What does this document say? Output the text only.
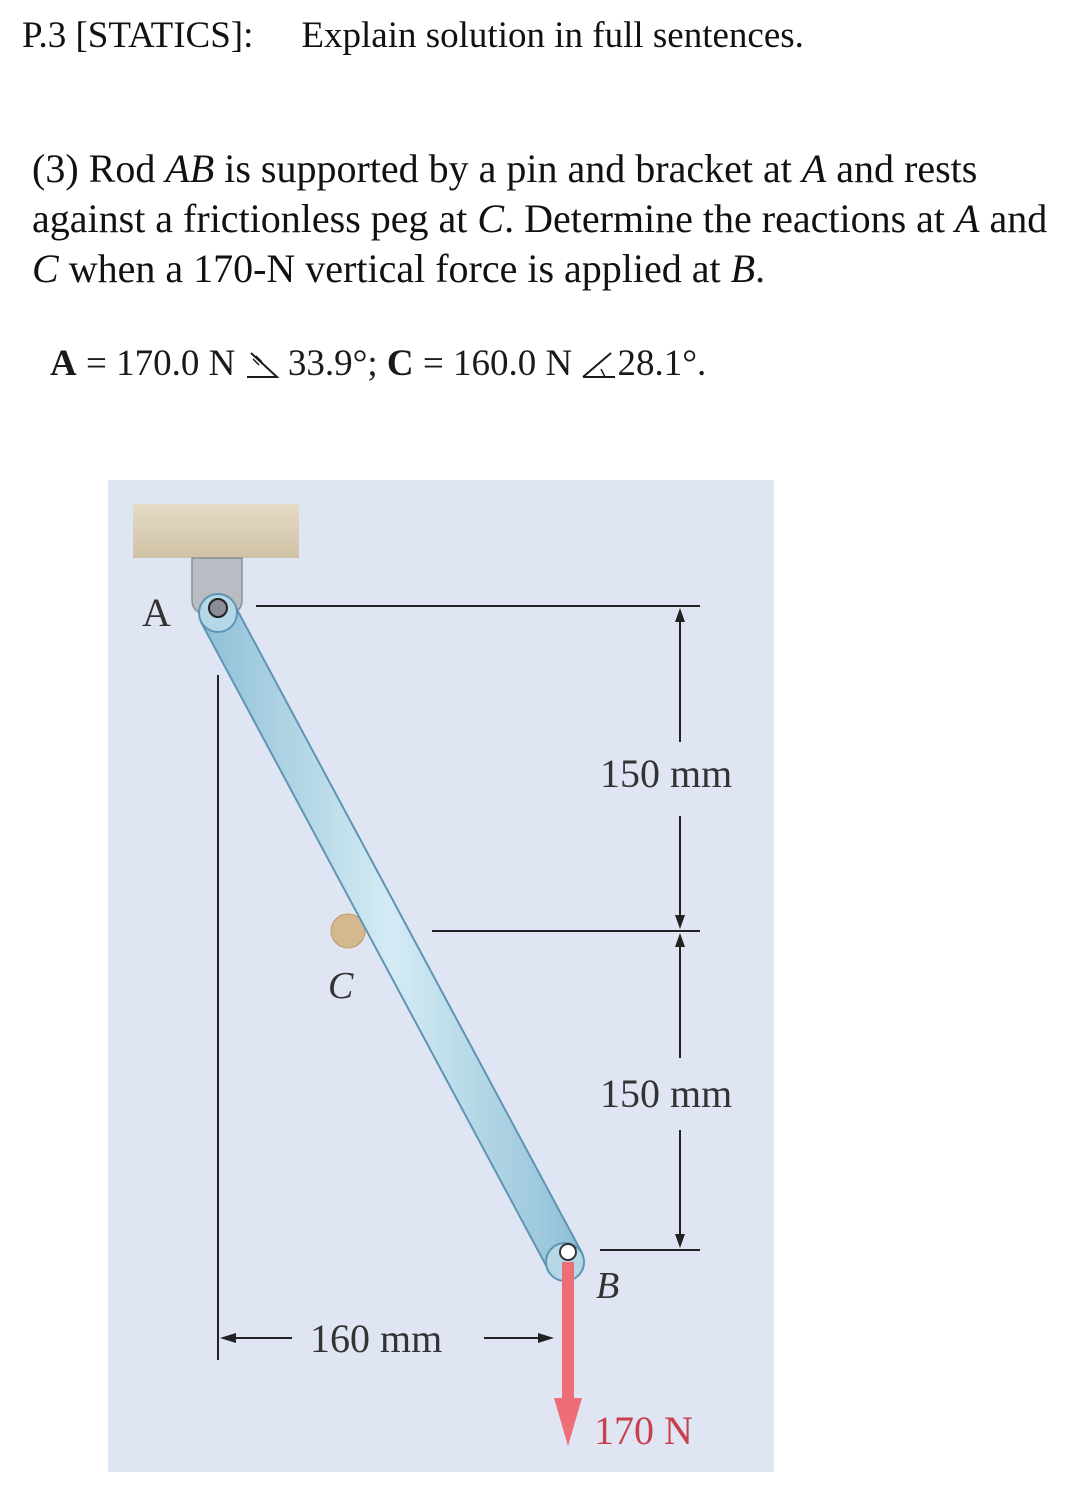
P.3 [STATICS]: Explain solution in full sentences.
(3) Rod AB is supported by a pin and bracket at A and rests against a frictionless peg at C. Determine the reactions at A and C when a 170-N vertical force is applied at B.
A = 170.0 N 33.9°; C = 160.0 N 28.1°.
A
C
B
150 mm
150 mm
160 mm
170 N
